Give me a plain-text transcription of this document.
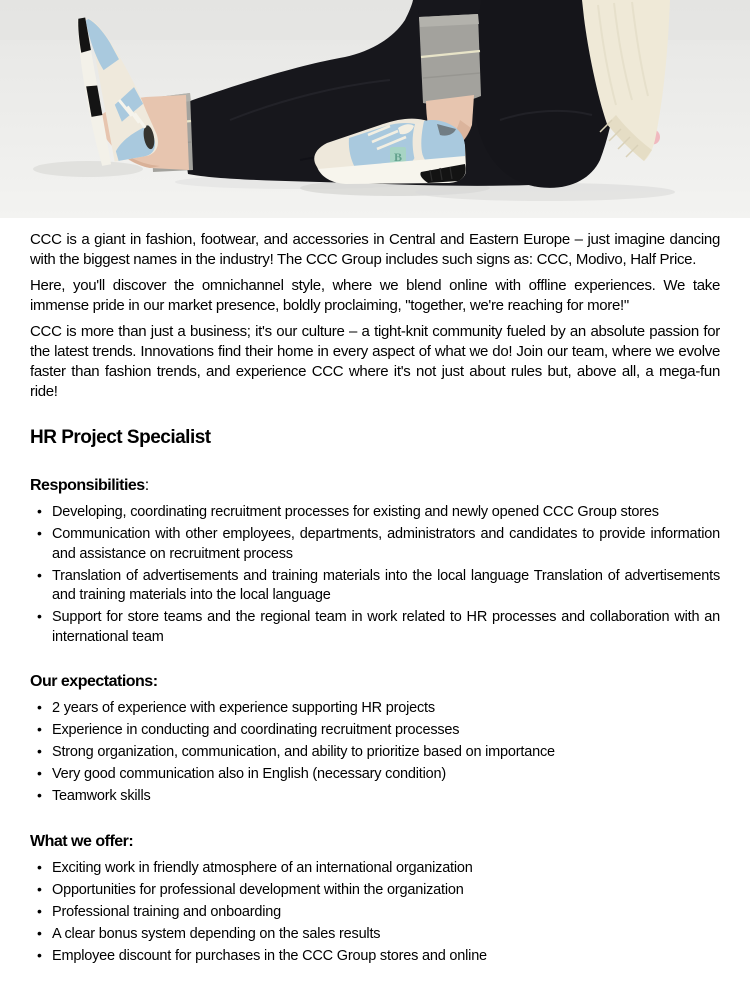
B

CCC is a giant in fashion, footwear, and accessories in Central and Eastern Europe – just imagine dancing with the biggest names in the industry! The CCC Group includes such signs as: CCC, Modivo, Half Price.

Here, you'll discover the omnichannel style, where we blend online with offline experiences. We take immense pride in our market presence, boldly proclaiming, "together, we're reaching for more!"

CCC is more than just a business; it's our culture – a tight-knit community fueled by an absolute passion for the latest trends. Innovations find their home in every aspect of what we do! Join our team, where we evolve faster than fashion trends, and experience CCC where it's not just about rules but, above all, a mega-fun ride!

HR Project Specialist
Responsibilities:
• Developing, coordinating recruitment processes for existing and newly opened CCC Group stores
• Communication with other employees, departments, administrators and candidates to provide information and assistance on recruitment process
• Translation of advertisements and training materials into the local language Translation of advertisements and training materials into the local language
• Support for store teams and the regional team in work related to HR processes and collaboration with an international team
Our expectations:
• 2 years of experience with experience supporting HR projects
• Experience in conducting and coordinating recruitment processes
• Strong organization, communication, and ability to prioritize based on importance
• Very good communication also in English (necessary condition)
• Teamwork skills
What we offer:
• Exciting work in friendly atmosphere of an international organization
• Opportunities for professional development within the organization
• Professional training and onboarding
• A clear bonus system depending on the sales results
• Employee discount for purchases in the CCC Group stores and online
